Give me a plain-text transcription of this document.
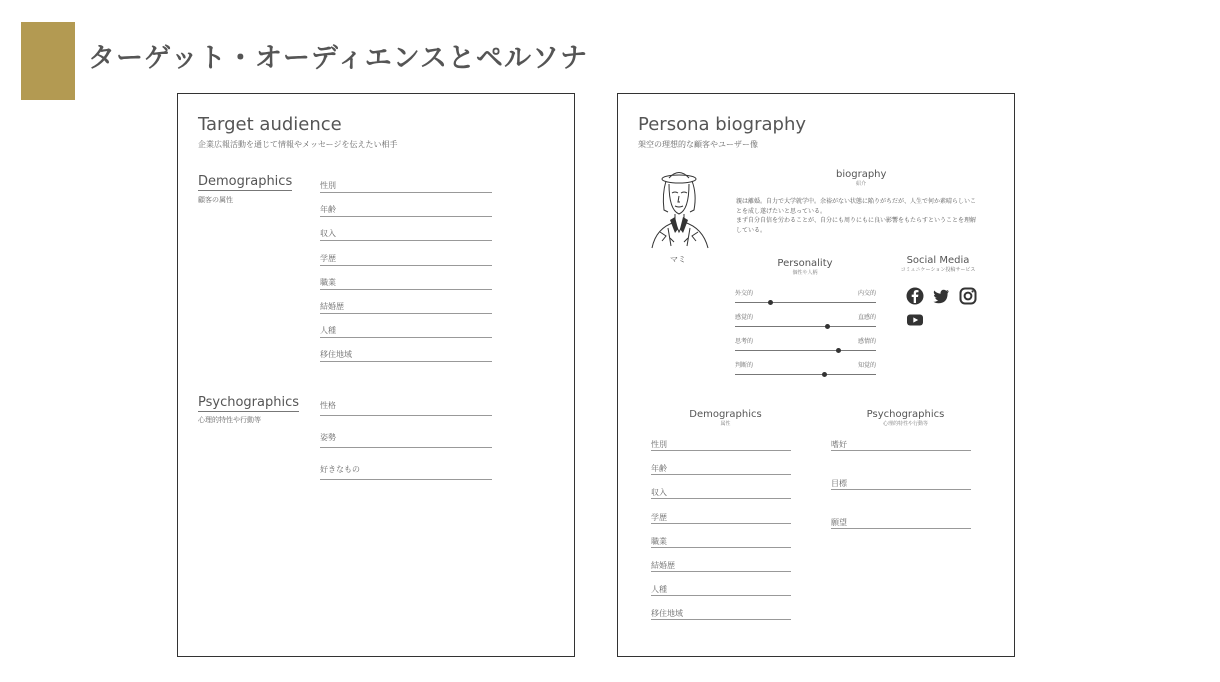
ターゲット・オーディエンスとペルソナ
Target audience
企業広報活動を通じて情報やメッセージを伝えたい相手
Demographics
顧客の属性
性別
年齢
収入
学歴
職業
結婚歴
人種
移住地域
Psychographics
心理的特性や行動等
性格
姿勢
好きなもの
Persona biography
架空の理想的な顧客やユーザー像
マミ
biography
紹介

親は離婚。自力で大学就学中。余裕がない状態に陥りがちだが、人生で何か素晴らしいことを成し遂げたいと思っている。

まず自分自信を労わることが、自分にも周りにもに良い影響をもたらすということを理解している。

Personality
個性や人柄
外交的	内交的
感覚的	直感的
思考的	感情的
判断的	知覚的
Social Media
コミュニケーション投稿サービス
Demographics
属性
性別
年齢
収入
学歴
職業
結婚歴
人種
移住地域
Psychographics
心理的特性や行動等
嗜好
目標
願望
